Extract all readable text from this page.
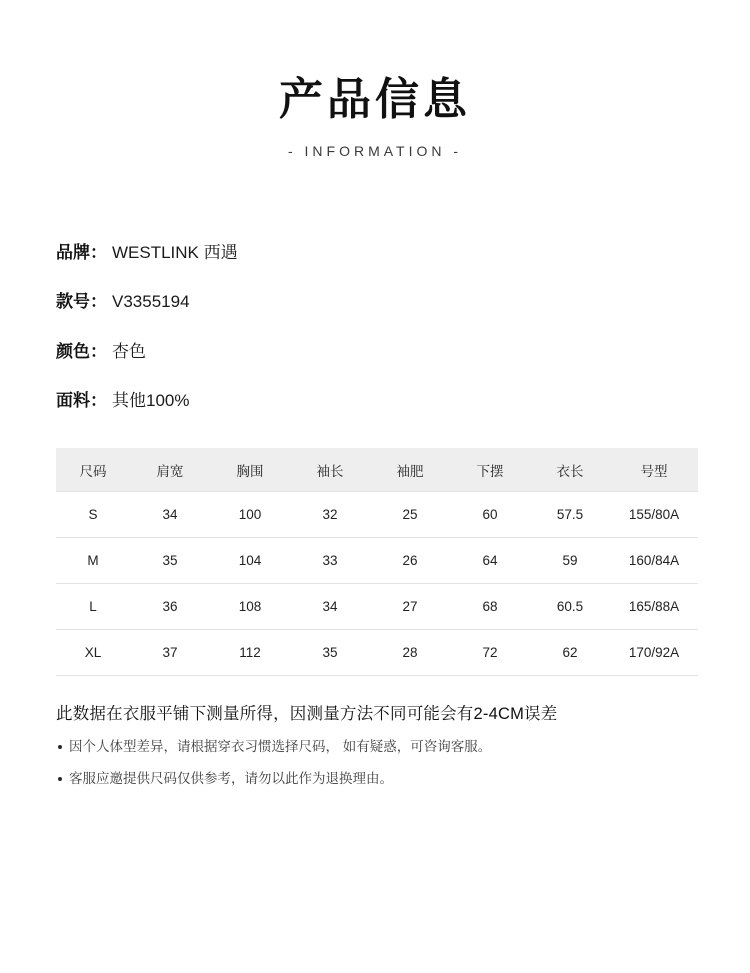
产品信息
- INFORMATION -
品牌： WESTLINK 西遇
款号： V3355194
颜色： 杏色
面料： 其他100%
尺码	肩宽	胸围	袖长	袖肥	下摆	衣长	号型
S	34	100	32	25	60	57.5	155/80A
M	35	104	33	26	64	59	160/84A
L	36	108	34	27	68	60.5	165/88A
XL	37	112	35	28	72	62	170/92A
此数据在衣服平铺下测量所得，因测量方法不同可能会有2-4CM误差
因个人体型差异，请根据穿衣习惯选择尺码， 如有疑惑，可咨询客服。
客服应邀提供尺码仅供参考，请勿以此作为退换理由。
